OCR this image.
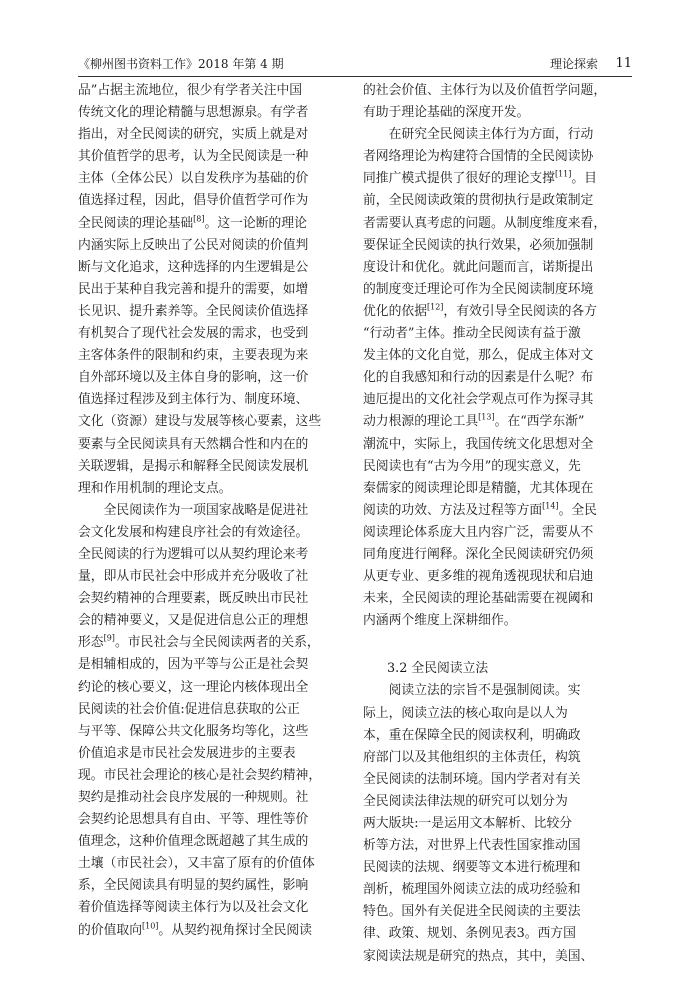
《柳州图书资料工作》2018 年第 4 期	理论探索 11

品”占据主流地位，很少有学者关注中国
传统文化的理论精髓与思想源泉。有学者
指出，对全民阅读的研究，实质上就是对
其价值哲学的思考，认为全民阅读是一种
主体（全体公民）以自发秩序为基础的价
值选择过程，因此，倡导价值哲学可作为
全民阅读的理论基础[8]。这一论断的理论
内涵实际上反映出了公民对阅读的价值判
断与文化追求，这种选择的内生逻辑是公
民出于某种自我完善和提升的需要，如增
长见识、提升素养等。全民阅读价值选择
有机契合了现代社会发展的需求，也受到
主客体条件的限制和约束，主要表现为来
自外部环境以及主体自身的影响，这一价
值选择过程涉及到主体行为、制度环境、
文化（资源）建设与发展等核心要素，这些
要素与全民阅读具有天然耦合性和内在的
关联逻辑，是揭示和解释全民阅读发展机
理和作用机制的理论支点。

全民阅读作为一项国家战略是促进社
会文化发展和构建良序社会的有效途径。
全民阅读的行为逻辑可以从契约理论来考
量，即从市民社会中形成并充分吸收了社
会契约精神的合理要素，既反映出市民社
会的精神要义，又是促进信息公正的理想
形态[9]。市民社会与全民阅读两者的关系，
是相辅相成的，因为平等与公正是社会契
约论的核心要义，这一理论内核体现出全
民阅读的社会价值:促进信息获取的公正
与平等、保障公共文化服务均等化，这些
价值追求是市民社会发展进步的主要表
现。市民社会理论的核心是社会契约精神，
契约是推动社会良序发展的一种规则。社
会契约论思想具有自由、平等、理性等价
值理念，这种价值理念既超越了其生成的
土壤（市民社会），又丰富了原有的价值体
系，全民阅读具有明显的契约属性，影响
着价值选择等阅读主体行为以及社会文化
的价值取向[10]。从契约视角探讨全民阅读

的社会价值、主体行为以及价值哲学问题，
有助于理论基础的深度开发。

在研究全民阅读主体行为方面，行动
者网络理论为构建符合国情的全民阅读协
同推广模式提供了很好的理论支撑[11]。目
前，全民阅读政策的贯彻执行是政策制定
者需要认真考虑的问题。从制度维度来看，
要保证全民阅读的执行效果，必须加强制
度设计和优化。就此问题而言，诺斯提出
的制度变迁理论可作为全民阅读制度环境
优化的依据[12]，有效引导全民阅读的各方
“行动者”主体。推动全民阅读有益于激
发主体的文化自觉，那么，促成主体对文
化的自我感知和行动的因素是什么呢？布
迪厄提出的文化社会学观点可作为探寻其
动力根源的理论工具[13]。在“西学东渐”
潮流中，实际上，我国传统文化思想对全
民阅读也有“古为今用”的现实意义，先
秦儒家的阅读理论即是精髓，尤其体现在
阅读的功效、方法及过程等方面[14]。全民
阅读理论体系庞大且内容广泛，需要从不
同角度进行阐释。深化全民阅读研究仍须
从更专业、更多维的视角透视现状和启迪
未来，全民阅读的理论基础需要在视阈和
内涵两个维度上深耕细作。

3.2 全民阅读立法

阅读立法的宗旨不是强制阅读。实
际上，阅读立法的核心取向是以人为
本，重在保障全民的阅读权利，明确政
府部门以及其他组织的主体责任，构筑
全民阅读的法制环境。国内学者对有关
全民阅读法律法规的研究可以划分为
两大版块:一是运用文本解析、比较分
析等方法，对世界上代表性国家推动国
民阅读的法规、纲要等文本进行梳理和
剖析，梳理国外阅读立法的成功经验和
特色。国外有关促进全民阅读的主要法
律、政策、规划、条例见表3。西方国
家阅读法规是研究的热点，其中，美国、
